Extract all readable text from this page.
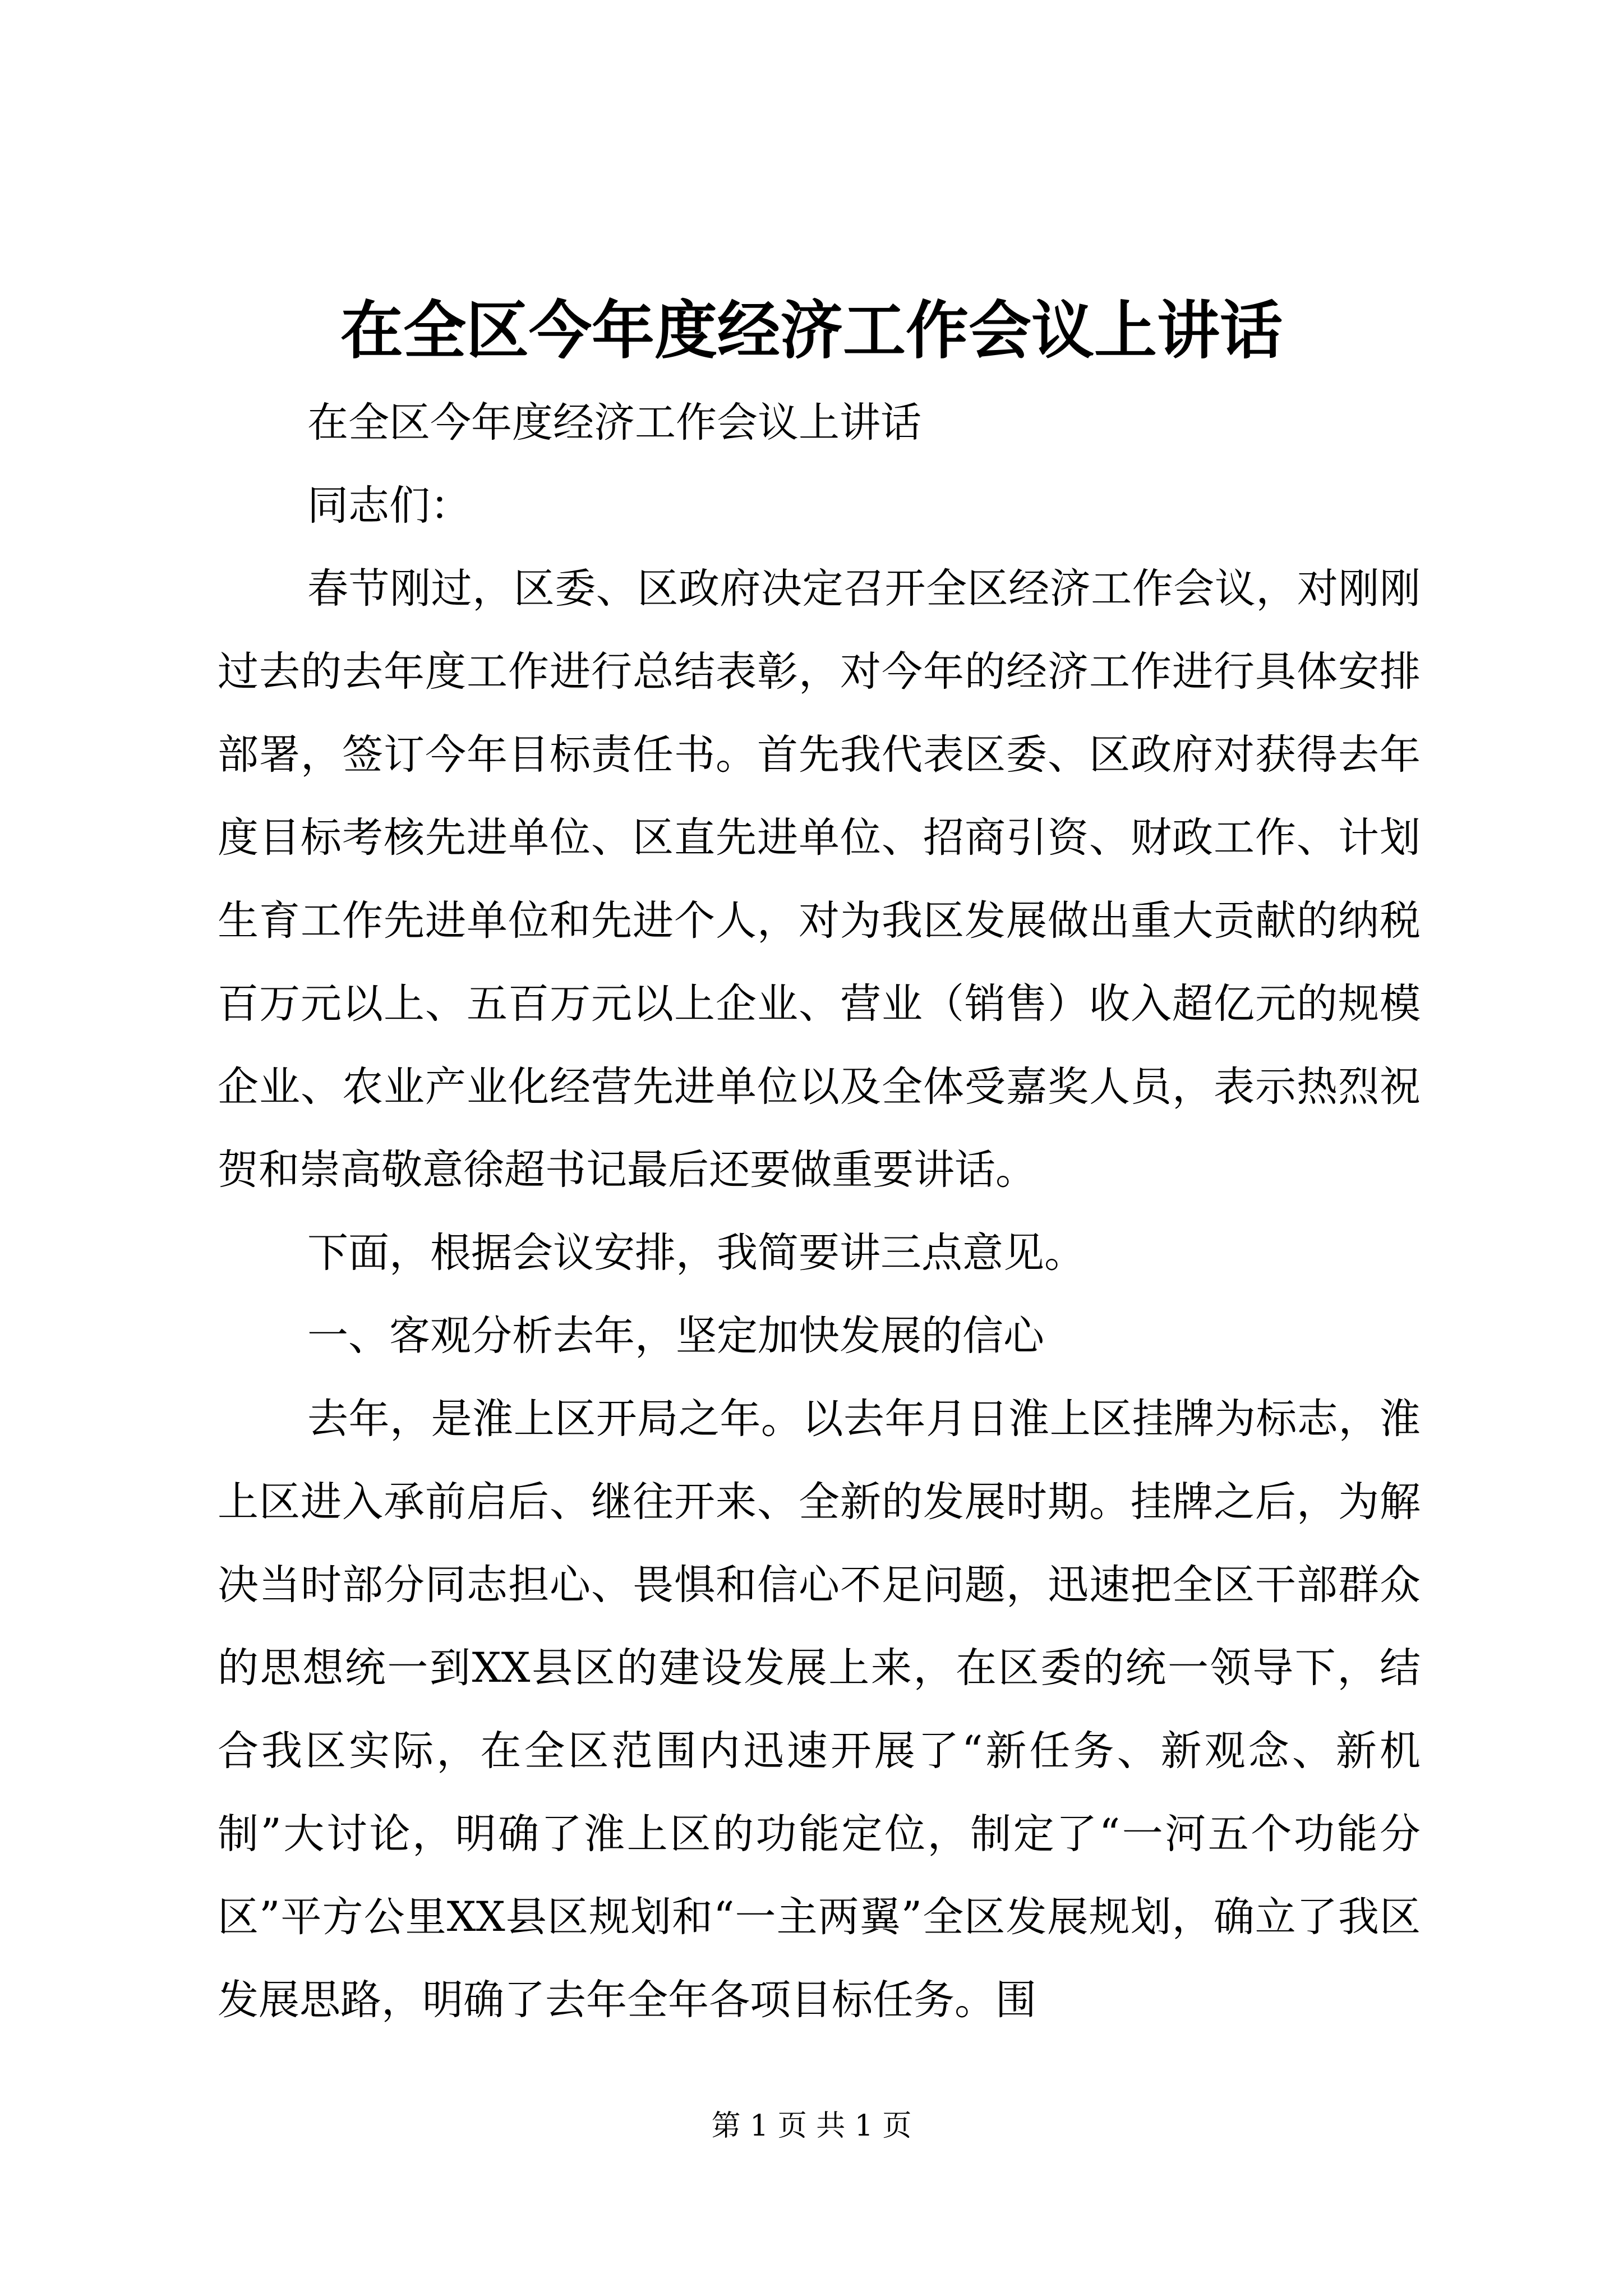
在全区今年度经济工作会议上讲话

在全区今年度经济工作会议上讲话

同志们：

春节刚过，区委、区政府决定召开全区经济工作会议，对刚刚过去的去年度工作进行总结表彰，对今年的经济工作进行具体安排部署，签订今年目标责任书。首先我代表区委、区政府对获得去年度目标考核先进单位、区直先进单位、招商引资、财政工作、计划生育工作先进单位和先进个人，对为我区发展做出重大贡献的纳税百万元以上、五百万元以上企业、营业（销售）收入超亿元的规模企业、农业产业化经营先进单位以及全体受嘉奖人员，表示热烈祝贺和崇高敬意徐超书记最后还要做重要讲话。

下面，根据会议安排，我简要讲三点意见。

一、客观分析去年，坚定加快发展的信心

去年，是淮上区开局之年。以去年月日淮上区挂牌为标志，淮上区进入承前启后、继往开来、全新的发展时期。挂牌之后，为解决当时部分同志担心、畏惧和信心不足问题，迅速把全区干部群众的思想统一到XX县区的建设发展上来，在区委的统一领导下，结合我区实际，在全区范围内迅速开展了“新任务、新观念、新机制”大讨论，明确了淮上区的功能定位，制定了“一河五个功能分区”平方公里XX县区规划和“一主两翼”全区发展规划，确立了我区发展思路，明确了去年全年各项目标任务。围

第 1 页 共 1 页
